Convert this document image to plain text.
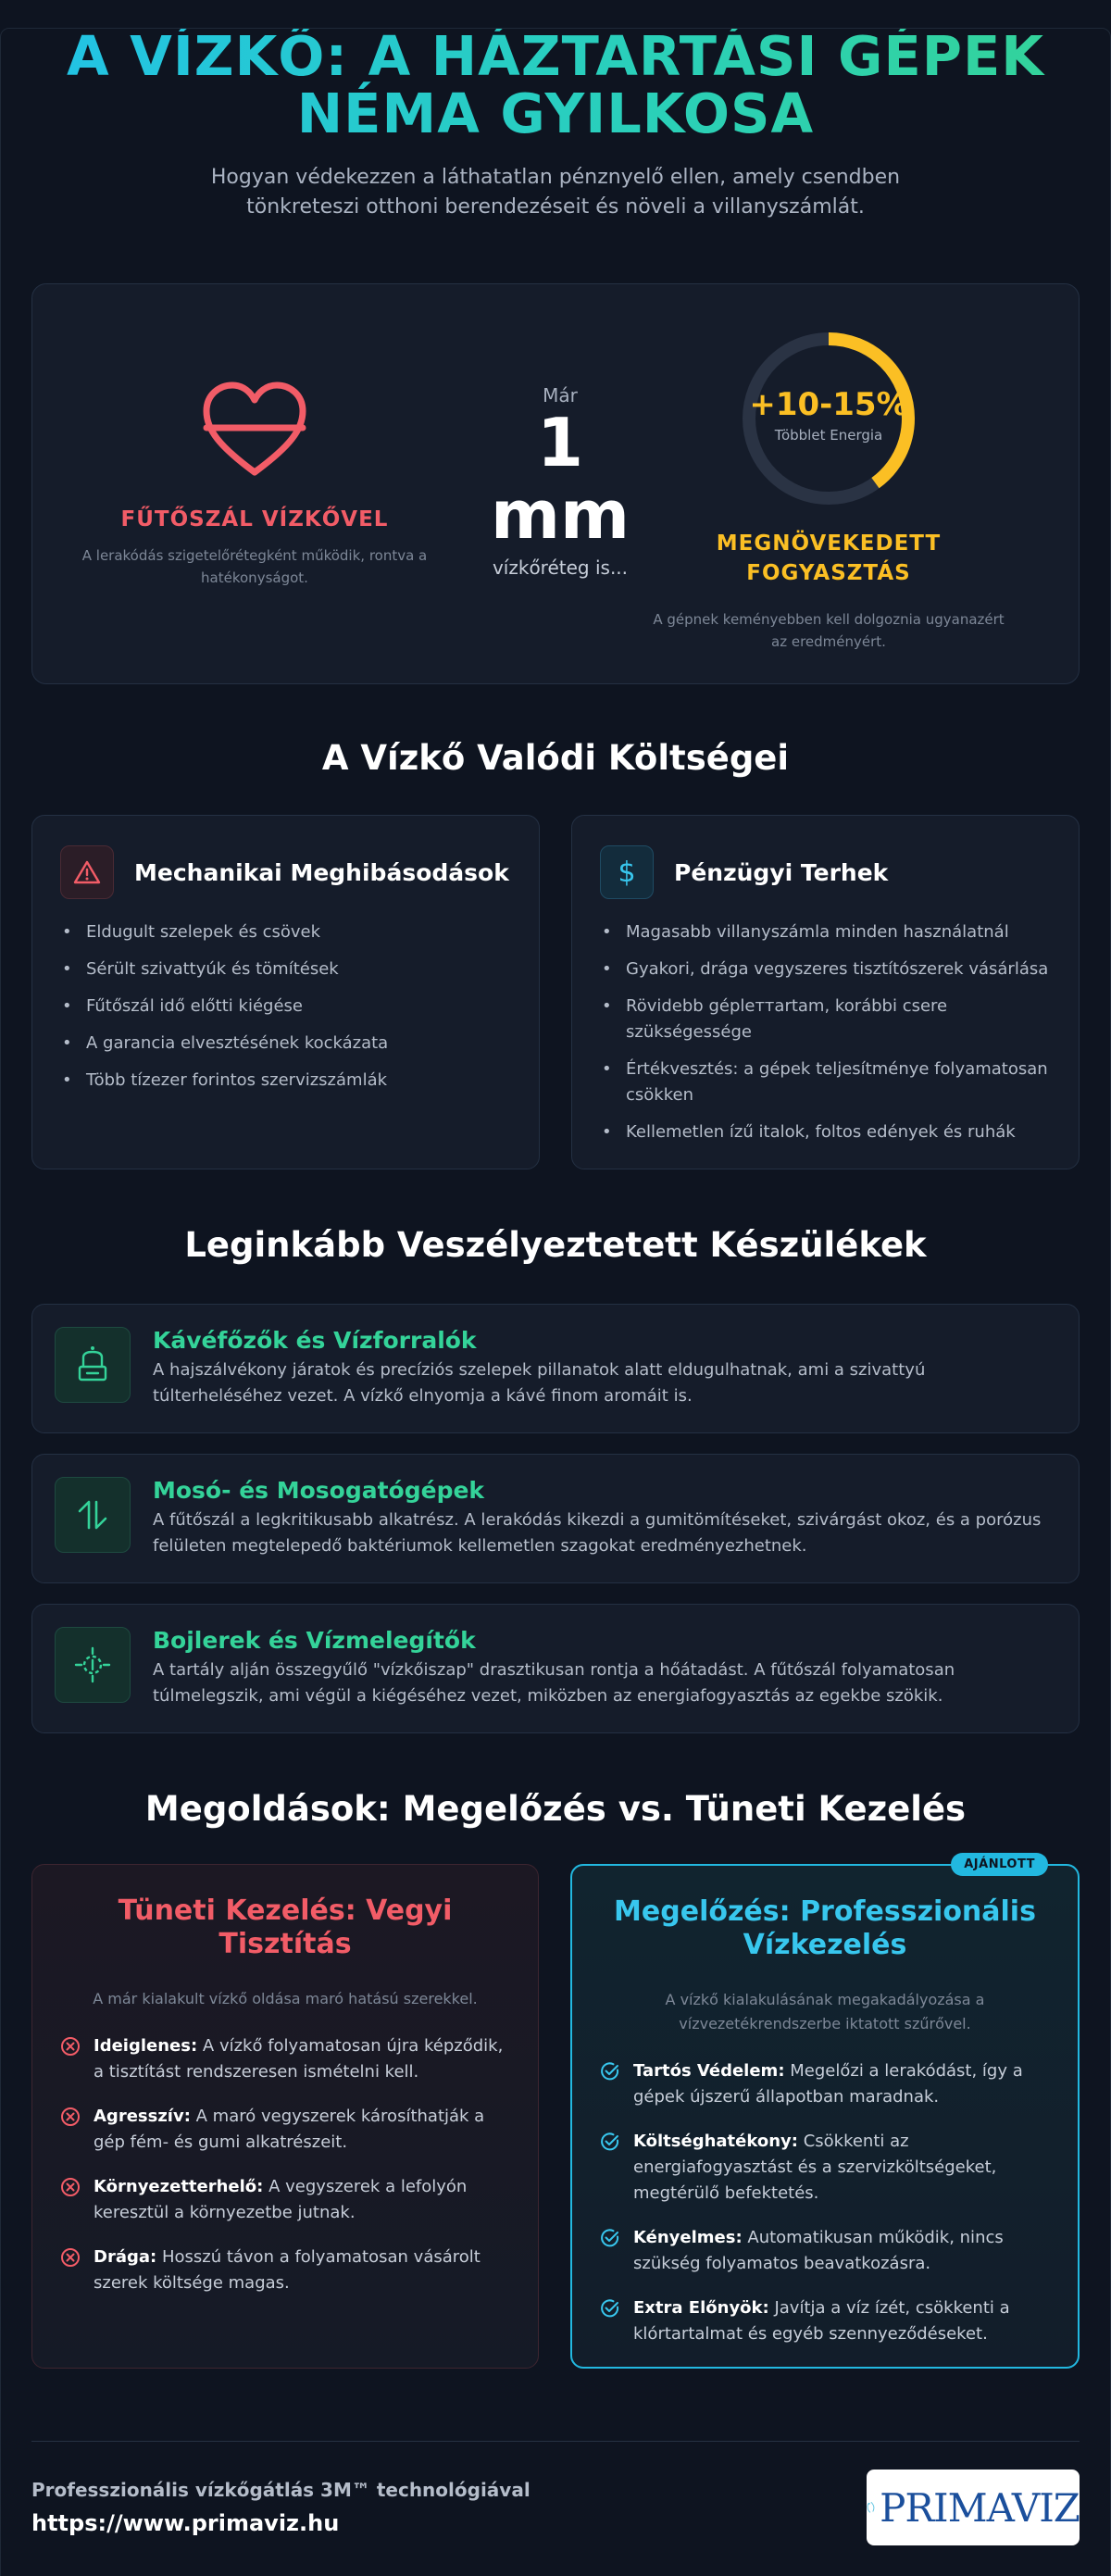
A VÍZKŐ: A HÁZTARTÁSI GÉPEK
NÉMA GYILKOSA
Hogyan védekezzen a láthatatlan pénznyelő ellen, amely csendben
tönkreteszi otthoni berendezéseit és növeli a villanyszámlát.
FŰTŐSZÁL VÍZKŐVEL
A lerakódás szigetelőrétegként működik, rontva a
hatékonyságot.
Már
1
mm
vízkőréteg is...
+10-15%
Többlet Energia
MEGNÖVEKEDETT
FOGYASZTÁS
A gépnek keményebben kell dolgoznia ugyanazért
az eredményért.
A Vízkő Valódi Költségei
Mechanikai Meghibásodások
• Eldugult szelepek és csövek
• Sérült szivattyúk és tömítések
• Fűtőszál idő előtti kiégése
• A garancia elvesztésének kockázata
• Több tízezer forintos szervizszámlák
$ Pénzügyi Terhek
• Magasabb villanyszámla minden használatnál
• Gyakori, drága vegyszeres tisztítószerek vásárlása
• Rövidebb gépleттartam, korábbi csere szükségessége
• Értékvesztés: a gépek teljesítménye folyamatosan csökken
• Kellemetlen ízű italok, foltos edények és ruhák
Leginkább Veszélyeztetett Készülékek
Kávéfőzők és Vízforralók
A hajszálvékony járatok és precíziós szelepek pillanatok alatt eldugulhatnak, ami a szivattyú
túlterheléséhez vezet. A vízkő elnyomja a kávé finom aromáit is.
Mosó- és Mosogatógépek
A fűtőszál a legkritikusabb alkatrész. A lerakódás kikezdi a gumitömítéseket, szivárgást okoz, és a porózus
felületen megtelepedő baktériumok kellemetlen szagokat eredményezhetnek.
Bojlerek és Vízmelegítők
A tartály alján összegyűlő "vízkőiszap" drasztikusan rontja a hőátadást. A fűtőszál folyamatosan
túlmelegszik, ami végül a kiégéséhez vezet, miközben az energiafogyasztás az egekbe szökik.
Megoldások: Megelőzés vs. Tüneti Kezelés
Tüneti Kezelés: Vegyi
Tisztítás
A már kialakult vízkő oldása maró hatású szerekkel.
Ideiglenes: A vízkő folyamatosan újra képződik, a tisztítást rendszeresen ismételni kell.
Agresszív: A maró vegyszerek károsíthatják a gép fém- és gumi alkatrészeit.
Környezetterhelő: A vegyszerek a lefolyón keresztül a környezetbe jutnak.
Drága: Hosszú távon a folyamatosan vásárolt szerek költsége magas.
AJÁNLOTT
Megelőzés: Professzionális
Vízkezelés
A vízkő kialakulásának megakadályozása a
vízvezetékrendszerbe iktatott szűrővel.
Tartós Védelem: Megelőzi a lerakódást, így a gépek újszerű állapotban maradnak.
Költséghatékony: Csökkenti az energiafogyasztást és a szervizköltségeket, megtérülő befektetés.
Kényelmes: Automatikusan működik, nincs szükség folyamatos beavatkozásra.
Extra Előnyök: Javítja a víz ízét, csökkenti a klórtartalmat és egyéb szennyeződéseket.
Professzionális vízkőgátlás 3M™ technológiával
https://www.primaviz.hu	PRIMAVIZ
